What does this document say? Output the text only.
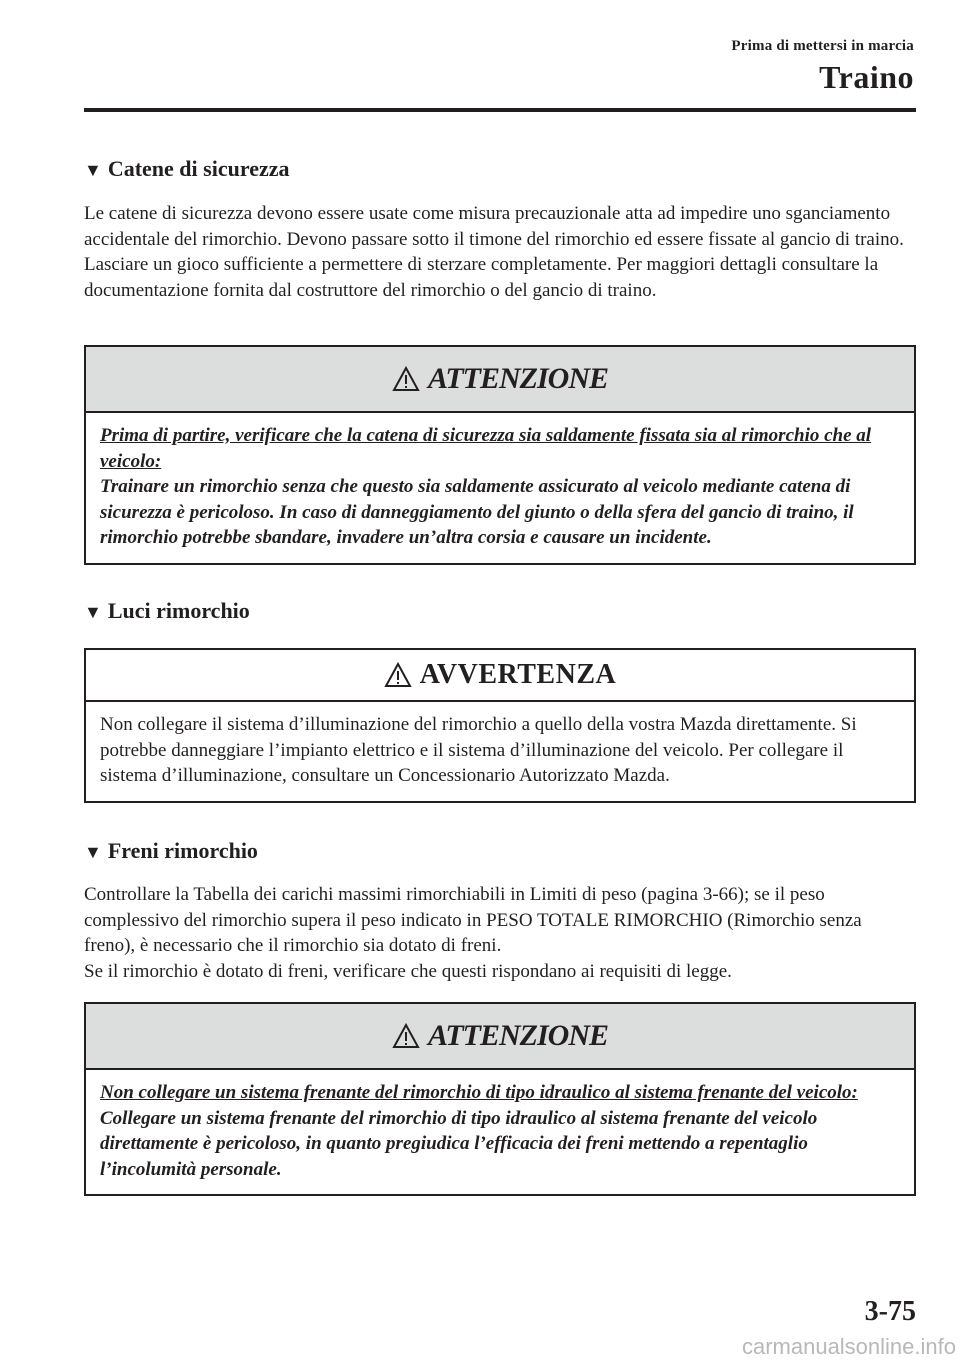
Prima di mettersi in marcia
Traino
▼ Catene di sicurezza

Le catene di sicurezza devono essere usate come misura precauzionale atta ad impedire uno sganciamento accidentale del rimorchio. Devono passare sotto il timone del rimorchio ed essere fissate al gancio di traino. Lasciare un gioco sufficiente a permettere di sterzare completamente. Per maggiori dettagli consultare la documentazione fornita dal costruttore del rimorchio o del gancio di traino.

ATTENZIONE
Prima di partire, verificare che la catena di sicurezza sia saldamente fissata sia al rimorchio che al veicolo:
Trainare un rimorchio senza che questo sia saldamente assicurato al veicolo mediante catena di sicurezza è pericoloso. In caso di danneggiamento del giunto o della sfera del gancio di traino, il rimorchio potrebbe sbandare, invadere un’altra corsia e causare un incidente.
▼ Luci rimorchio
AVVERTENZA
Non collegare il sistema d’illuminazione del rimorchio a quello della vostra Mazda direttamente. Si potrebbe danneggiare l’impianto elettrico e il sistema d’illuminazione del veicolo. Per collegare il sistema d’illuminazione, consultare un Concessionario Autorizzato Mazda.
▼ Freni rimorchio

Controllare la Tabella dei carichi massimi rimorchiabili in Limiti di peso (pagina 3-66); se il peso complessivo del rimorchio supera il peso indicato in PESO TOTALE RIMORCHIO (Rimorchio senza freno), è necessario che il rimorchio sia dotato di freni.

Se il rimorchio è dotato di freni, verificare che questi rispondano ai requisiti di legge.

ATTENZIONE
Non collegare un sistema frenante del rimorchio di tipo idraulico al sistema frenante del veicolo:
Collegare un sistema frenante del rimorchio di tipo idraulico al sistema frenante del veicolo direttamente è pericoloso, in quanto pregiudica l’efficacia dei freni mettendo a repentaglio l’incolumità personale.
3-75
carmanualsonline.info
